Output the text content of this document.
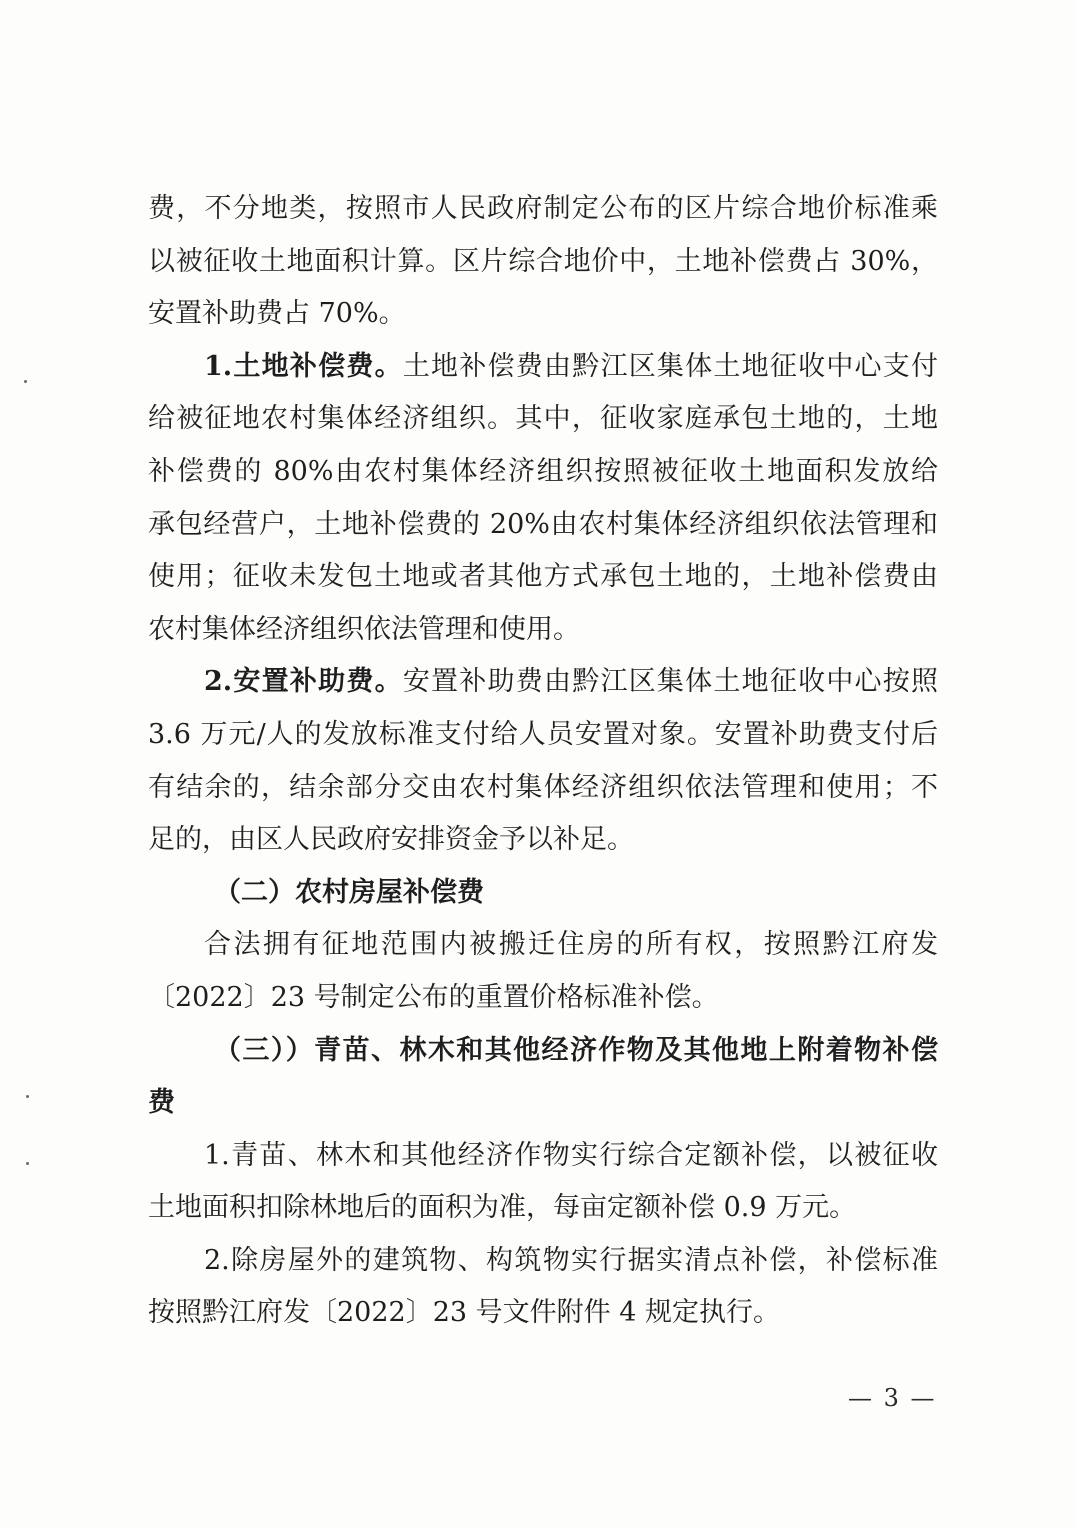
费，不分地类，按照市人民政府制定公布的区片综合地价标准乘
以被征收土地面积计算。区片综合地价中，土地补偿费占 30%，
安置补助费占 70%。
1.土地补偿费。土地补偿费由黔江区集体土地征收中心支付
给被征地农村集体经济组织。其中，征收家庭承包土地的，土地
补偿费的 80%由农村集体经济组织按照被征收土地面积发放给
承包经营户，土地补偿费的 20%由农村集体经济组织依法管理和
使用；征收未发包土地或者其他方式承包土地的，土地补偿费由
农村集体经济组织依法管理和使用。
2.安置补助费。安置补助费由黔江区集体土地征收中心按照
3.6 万元/人的发放标准支付给人员安置对象。安置补助费支付后
有结余的，结余部分交由农村集体经济组织依法管理和使用；不
足的，由区人民政府安排资金予以补足。
（二）农村房屋补偿费
合法拥有征地范围内被搬迁住房的所有权，按照黔江府发
〔2022〕23 号制定公布的重置价格标准补偿。
（三））青苗、林木和其他经济作物及其他地上附着物补偿
费
1.青苗、林木和其他经济作物实行综合定额补偿，以被征收
土地面积扣除林地后的面积为准，每亩定额补偿 0.9 万元。
2.除房屋外的建筑物、构筑物实行据实清点补偿，补偿标准
按照黔江府发〔2022〕23 号文件附件 4 规定执行。
— 3 —
